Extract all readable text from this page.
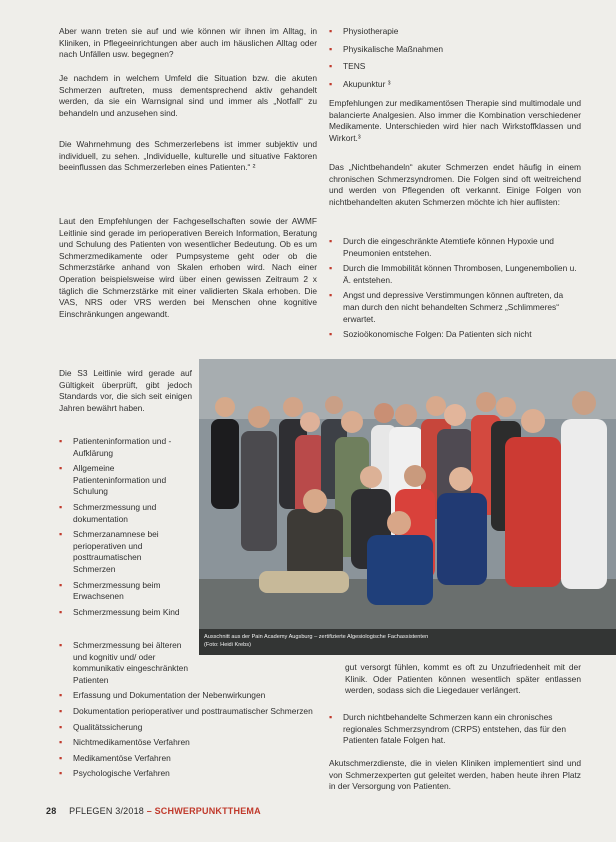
Aber wann treten sie auf und wie können wir ihnen im Alltag, in Kliniken, in Pflegeeinrichtungen aber auch im häuslichen Alltag oder nach Unfällen usw. begegnen?

Je nachdem in welchem Umfeld die Situation bzw. die akuten Schmerzen auftreten, muss dementsprechend aktiv gehandelt werden, da sie ein Warnsignal sind und immer als „Notfall“ zu behandeln und anzusehen sind.

Die Wahrnehmung des Schmerzerlebens ist immer subjektiv und individuell, zu sehen. „Individuelle, kulturelle und situative Faktoren beeinflussen das Schmerzerleben eines Patienten.“ ²

Laut den Empfehlungen der Fachgesellschaften sowie der AWMF Leitlinie sind gerade im perioperativen Bereich Information, Beratung und Schulung des Patienten von wesentlicher Bedeutung. Ob es um Schmerzmedikamente oder Pumpsysteme geht oder ob die Schmerzstärke anhand von Skalen erhoben wird. Nach einer Operation beispielsweise wird über einen gewissen Zeitraum 2 x täglich die Schmerzstärke mit einer validierten Skala erhoben. Die VAS, NRS oder VRS werden bei Menschen ohne kognitive Einschränkungen angewandt.

Die S3 Leitlinie wird gerade auf Gültigkeit überprüft, gibt jedoch Standards vor, die sich seit einigen Jahren bewährt haben.

▪ Patienteninformation und -Aufklärung
▪ Allgemeine Patienteninformation und Schulung
▪ Schmerzmessung und dokumentation
▪ Schmerzanamnese bei perioperativen und posttraumatischen Schmerzen
▪ Schmerzmessung beim Erwachsenen
▪ Schmerzmessung beim Kind
▪ Schmerzmessung bei älteren und kognitiv und/ oder kommunikativ eingeschränkten Patienten
▪ Erfassung und Dokumentation der Nebenwirkungen
▪ Dokumentation perioperativer und posttraumatischer Schmerzen
▪ Qualitätssicherung
▪ Nichtmedikamentöse Verfahren
▪ Medikamentöse Verfahren
▪ Psychologische Verfahren
▪ Physiotherapie
▪ Physikalische Maßnahmen
▪ TENS
▪ Akupunktur ³

Empfehlungen zur medikamentösen Therapie sind multimodale und balancierte Analgesien. Also immer die Kombination verschiedener Medikamente. Unterschieden wird hier nach Wirkstoffklassen und Wirkort.³

Das „Nichtbehandeln“ akuter Schmerzen endet häufig in einem chronischen Schmerzsyndromen. Die Folgen sind oft weitreichend und werden von Pflegenden oft verkannt. Einige Folgen von nichtbehandelten akuten Schmerzen möchte ich hier auflisten:

▪ Durch die eingeschränkte Atemtiefe können Hypoxie und Pneumonien entstehen.
▪ Durch die Immobilität können Thrombosen, Lungenembolien u. Ä. entstehen.
▪ Angst und depressive Verstimmungen können auftreten, da man durch den nicht behandelten Schmerz „Schlimmeres“ erwartet.
▪ Sozioökonomische Folgen: Da Patienten sich nicht
Ausschnitt aus der Pain Academy Augsburg – zertifizierte Algesiologische Fachassistenten
(Foto: Heidi Krebs)

gut versorgt fühlen, kommt es oft zu Unzufriedenheit mit der Klinik. Oder Patienten können wesentlich später entlassen werden, sodass sich die Liegedauer verlängert.

▪ Durch nichtbehandelte Schmerzen kann ein chronisches regionales Schmerzsyndrom (CRPS) entstehen, das für den Patienten fatale Folgen hat.

Akutschmerzdienste, die in vielen Kliniken implementiert sind und von Schmerzexperten gut geleitet werden, haben heute ihren Platz in der Versorgung von Patienten.

28 PFLEGEN 3/2018 – SCHWERPUNKTTHEMA
